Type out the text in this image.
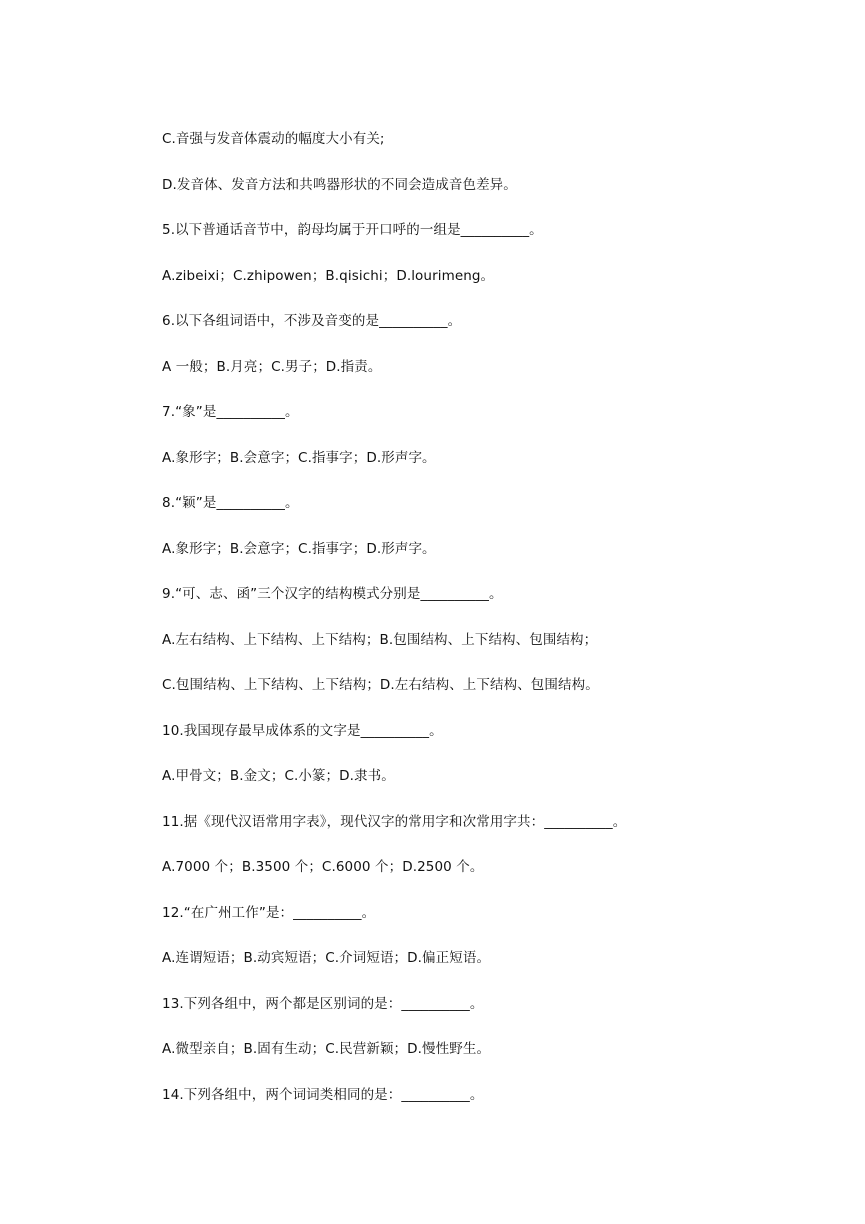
C.音强与发音体震动的幅度大小有关;
D.发音体、发音方法和共鸣器形状的不同会造成音色差异。
5.以下普通话音节中，韵母均属于开口呼的一组是__________。
A.zibeixi；C.zhipowen；B.qisichi；D.lourimeng。
6.以下各组词语中，不涉及音变的是__________。
A 一般；B.月亮；C.男子；D.指责。
7.“象”是__________。
A.象形字；B.会意字；C.指事字；D.形声字。
8.“颖”是__________。
A.象形字；B.会意字；C.指事字；D.形声字。
9.“可、志、函”三个汉字的结构模式分别是__________。
A.左右结构、上下结构、上下结构；B.包围结构、上下结构、包围结构；
C.包围结构、上下结构、上下结构；D.左右结构、上下结构、包围结构。
10.我国现存最早成体系的文字是__________。
A.甲骨文；B.金文；C.小篆；D.隶书。
11.据《现代汉语常用字表》，现代汉字的常用字和次常用字共：__________。
A.7000 个；B.3500 个；C.6000 个；D.2500 个。
12.“在广州工作”是：__________。
A.连谓短语；B.动宾短语；C.介词短语；D.偏正短语。
13.下列各组中，两个都是区别词的是：__________。
A.微型亲自；B.固有生动；C.民营新颖；D.慢性野生。
14.下列各组中，两个词词类相同的是：__________。
